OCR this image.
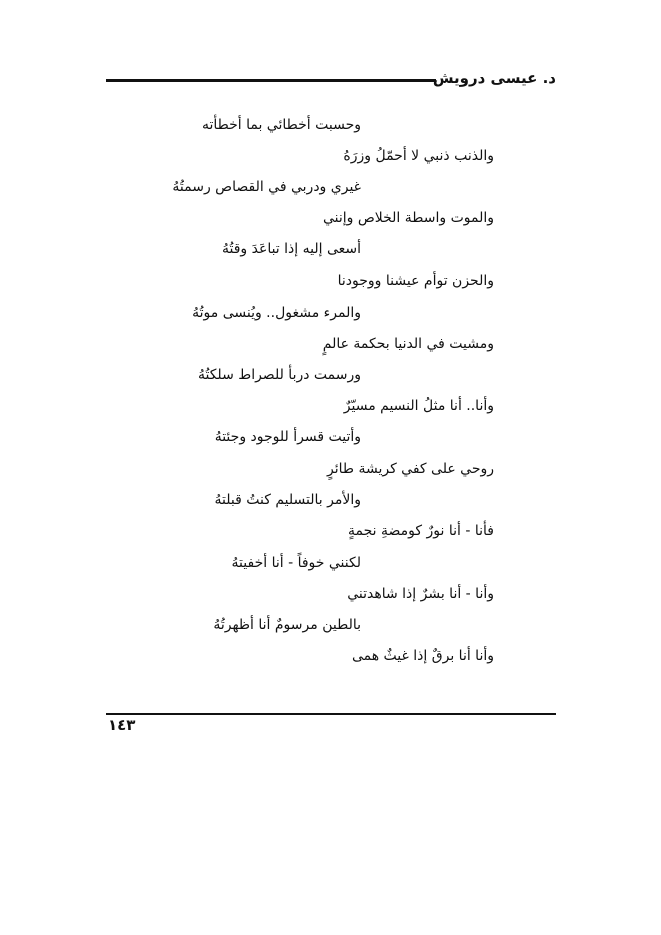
د. عيسى درويش
وحسبت أخطائي بما أخطأته
والذنب ذنبي لا أحمّلُ وزرَهُ
غيري ودربي في القصاص رسمتُهُ
والموت واسطة الخلاص وإنني
أسعى إليه إذا تباعَدَ وقتُهُ
والحزن توأم عيشنا ووجودنا
والمرء مشغول.. ويُنسى موتُهُ
ومشيت في الدنيا بحكمة عالمٍ
ورسمت دربأ للصراط سلكتُهُ
وأنا.. أنا مثلُ النسيم مسيّرٌ
وأتيت قسرأ للوجود وجئتهُ
روحي على كفي كريشة طائرٍ
والأمر بالتسليم كنتُ قبلتهُ
فأنا - أنا نورٌ كومضةِ نجمةٍ
لكنني خوفاً - أنا أخفيتهُ
وأنا - أنا بشرٌ إذا شاهدتني
بالطين مرسومٌ أنا أظهرتُهُ
وأنا أنا برقٌ إذا غيثٌ همى
١٤٣
